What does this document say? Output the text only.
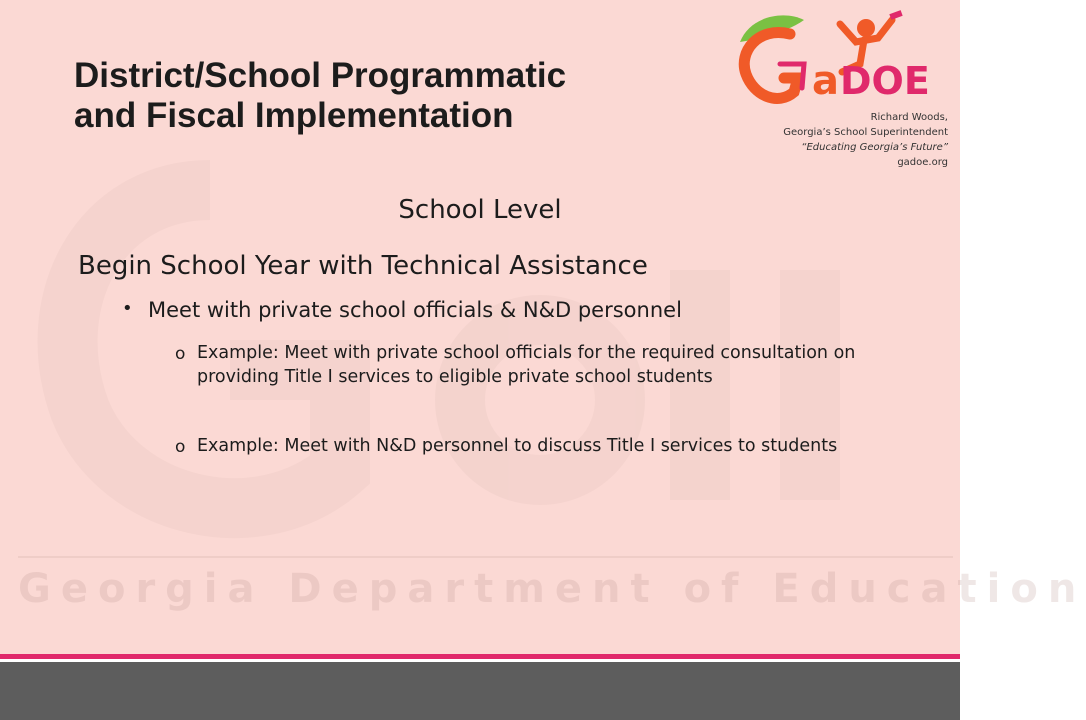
Georgia Department of Education
District/School Programmatic
and Fiscal Implementation
a DOE
Richard Woods,
Georgia’s School Superintendent
“Educating Georgia’s Future”
gadoe.org
School Level
Begin School Year with Technical Assistance
• Meet with private school officials & N&D personnel
o Example: Meet with private school officials for the required consultation on providing Title I services to eligible private school students
o Example: Meet with N&D personnel to discuss Title I services to students
